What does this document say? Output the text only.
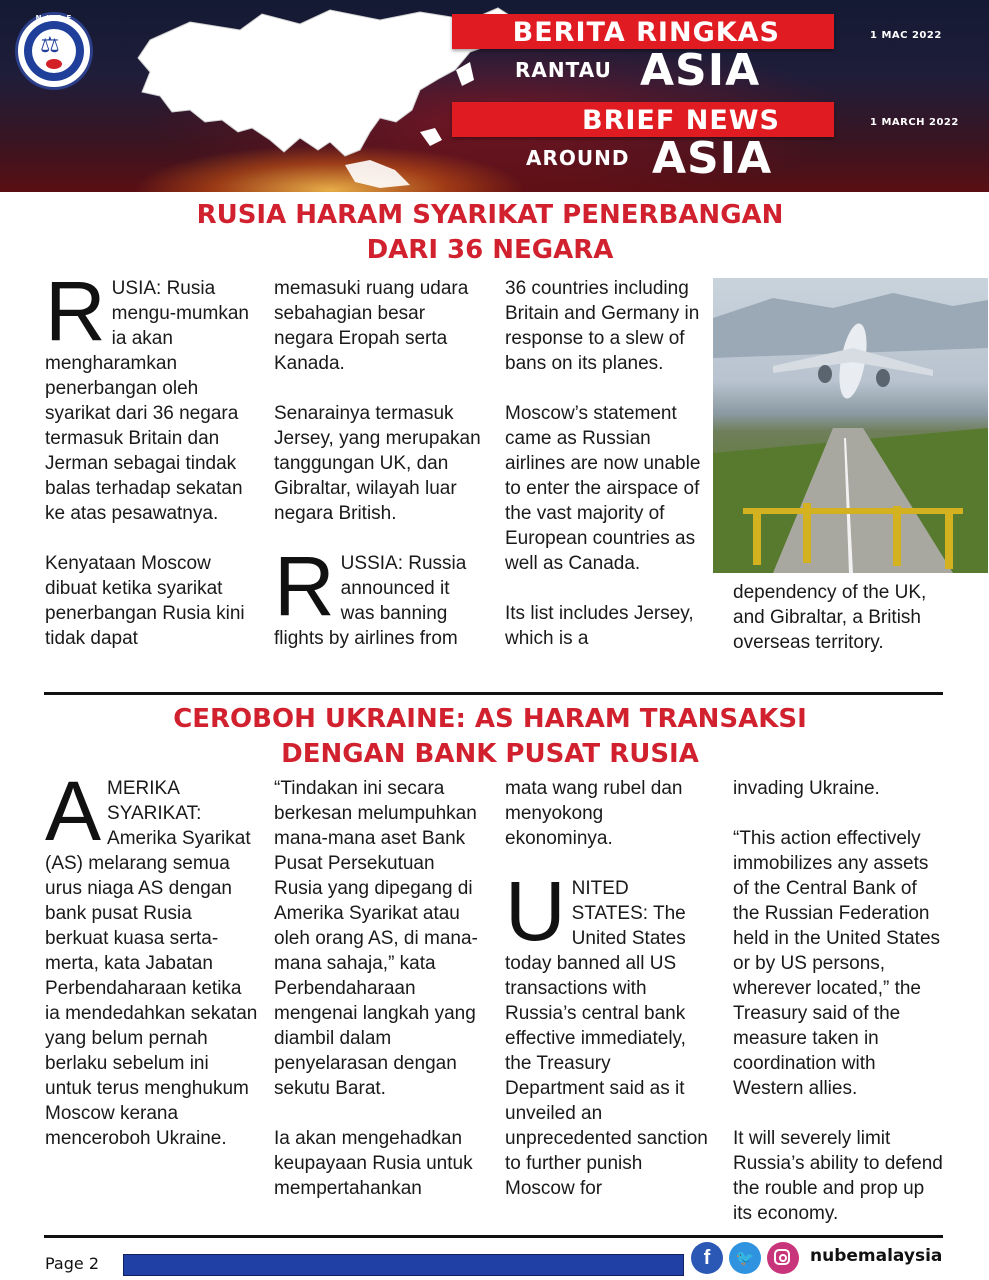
N.U.B.E
⚖	BERITA RINGKAS
RANTAU ASIA
BRIEF NEWS
AROUND ASIA
1 MAC 2022
1 MARCH 2022
RUSIA HARAM SYARIKAT PENERBANGAN
DARI 36 NEGARA

RUSIA: Rusia mengu-mumkan ia akan mengharamkan penerbangan oleh syarikat dari 36 negara termasuk Britain dan Jerman sebagai tindak balas terhadap sekatan ke atas pesawatnya.

Kenyataan Moscow dibuat ketika syarikat penerbangan Rusia kini tidak dapat

memasuki ruang udara sebahagian besar negara Eropah serta Kanada.

Senarainya termasuk Jersey, yang merupakan tanggungan UK, dan Gibraltar, wilayah luar negara British.

RUSSIA: Russia announced it was banning flights by airlines from

36 countries including Britain and Germany in response to a slew of bans on its planes.

Moscow’s statement came as Russian airlines are now unable to enter the airspace of the vast majority of European countries as well as Canada.

Its list includes Jersey, which is a

dependency of the UK, and Gibraltar, a British overseas territory.

CEROBOH UKRAINE: AS HARAM TRANSAKSI
DENGAN BANK PUSAT RUSIA

AMERIKA SYARIKAT: Amerika Syarikat (AS) melarang semua urus niaga AS dengan bank pusat Rusia berkuat kuasa serta-merta, kata Jabatan Perbendaharaan ketika ia mendedahkan sekatan yang belum pernah berlaku sebelum ini untuk terus menghukum Moscow kerana menceroboh Ukraine.

“Tindakan ini secara berkesan melumpuhkan mana-mana aset Bank Pusat Persekutuan Rusia yang dipegang di Amerika Syarikat atau oleh orang AS, di mana-mana sahaja,” kata Perbendaharaan mengenai langkah yang diambil dalam penyelarasan dengan sekutu Barat.

Ia akan mengehadkan keupayaan Rusia untuk mempertahankan

mata wang rubel dan menyokong ekonominya.

UNITED STATES: The United States today banned all US transactions with Russia’s central bank effective immediately, the Treasury Department said as it unveiled an unprecedented sanction to further punish Moscow for

invading Ukraine.

“This action effectively immobilizes any assets of the Central Bank of the Russian Federation held in the United States or by US persons, wherever located,” the Treasury said of the measure taken in coordination with Western allies.

It will severely limit Russia’s ability to defend the rouble and prop up its economy.

Page 2	f	🐦	nubemalaysia
